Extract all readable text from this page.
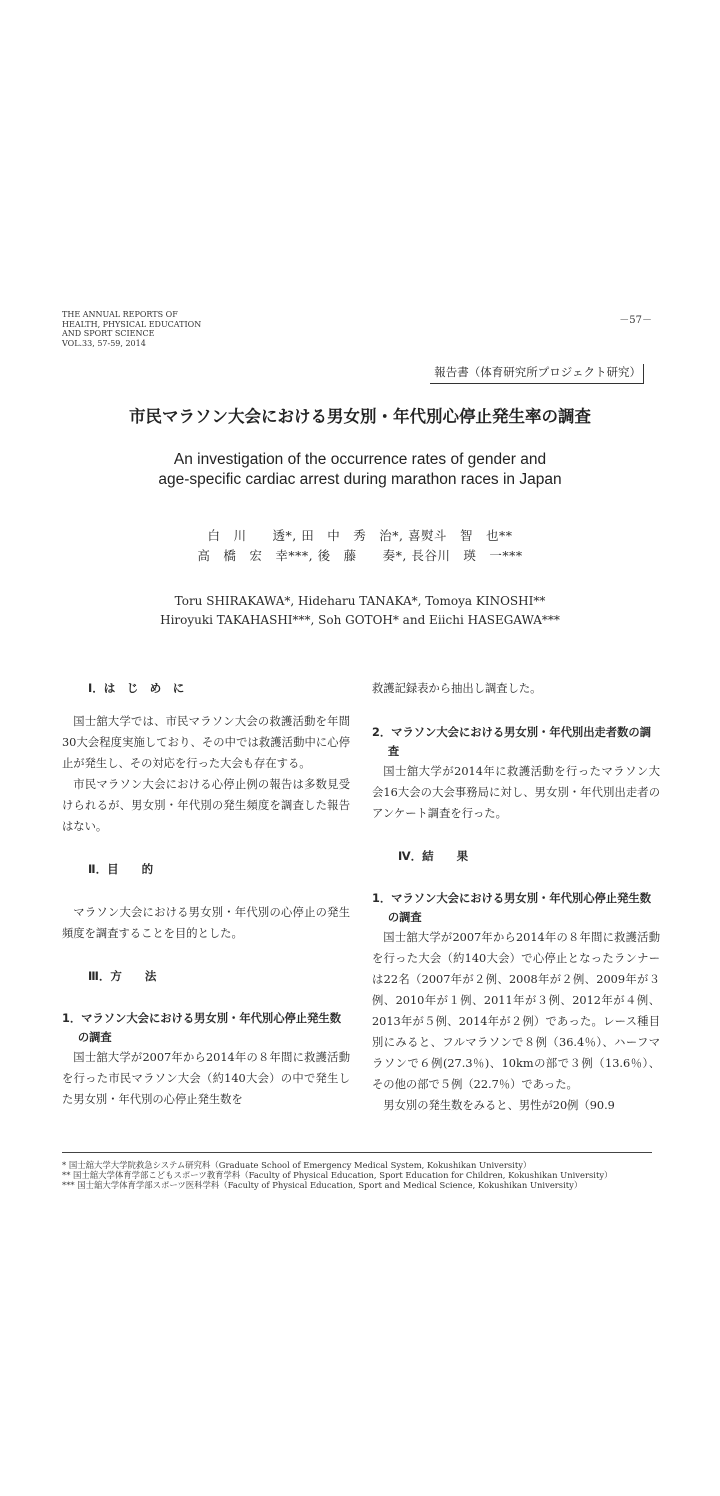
THE ANNUAL REPORTS OF
HEALTH, PHYSICAL EDUCATION
AND SPORT SCIENCE
VOL.33, 57-59, 2014
－57－
報告書（体育研究所プロジェクト研究）
市民マラソン大会における男女別・年代別心停止発生率の調査
An investigation of the occurrence rates of gender and
age-specific cardiac arrest during marathon races in Japan
白　川　　透*, 田　中　秀　治*, 喜熨斗　智　也**
高　橋　宏　幸***, 後　藤　　奏*, 長谷川　瑛　一***
Toru SHIRAKAWA*, Hideharu TANAKA*, Tomoya KINOSHI**
Hiroyuki TAKAHASHI***, Soh GOTOH* and Eiichi HASEGAWA***
Ⅰ．は　じ　め　に

国士舘大学では、市民マラソン大会の救護活動を年間30大会程度実施しており、その中では救護活動中に心停止が発生し、その対応を行った大会も存在する。

市民マラソン大会における心停止例の報告は多数見受けられるが、男女別・年代別の発生頻度を調査した報告はない。

Ⅱ．目　　的

マラソン大会における男女別・年代別の心停止の発生頻度を調査することを目的とした。

Ⅲ．方　　法
1．マラソン大会における男女別・年代別心停止発生数の調査

国士舘大学が2007年から2014年の８年間に救護活動を行った市民マラソン大会（約140大会）の中で発生した男女別・年代別の心停止発生数を

救護記録表から抽出し調査した。

2．マラソン大会における男女別・年代別出走者数の調査

国士舘大学が2014年に救護活動を行ったマラソン大会16大会の大会事務局に対し、男女別・年代別出走者のアンケート調査を行った。

Ⅳ．結　　果
1．マラソン大会における男女別・年代別心停止発生数の調査

国士舘大学が2007年から2014年の８年間に救護活動を行った大会（約140大会）で心停止となったランナーは22名（2007年が２例、2008年が２例、2009年が３例、2010年が１例、2011年が３例、2012年が４例、2013年が５例、2014年が２例）であった。レース種目別にみると、フルマラソンで８例（36.4％）、ハーフマラソンで６例(27.3％)、10kmの部で３例（13.6％）、その他の部で５例（22.7％）であった。

男女別の発生数をみると、男性が20例（90.9

* 国士舘大学大学院救急システム研究科（Graduate School of Emergency Medical System, Kokushikan University）
** 国士舘大学体育学部こどもスポーツ教育学科（Faculty of Physical Education, Sport Education for Children, Kokushikan University）
*** 国士舘大学体育学部スポーツ医科学科（Faculty of Physical Education, Sport and Medical Science, Kokushikan University）
